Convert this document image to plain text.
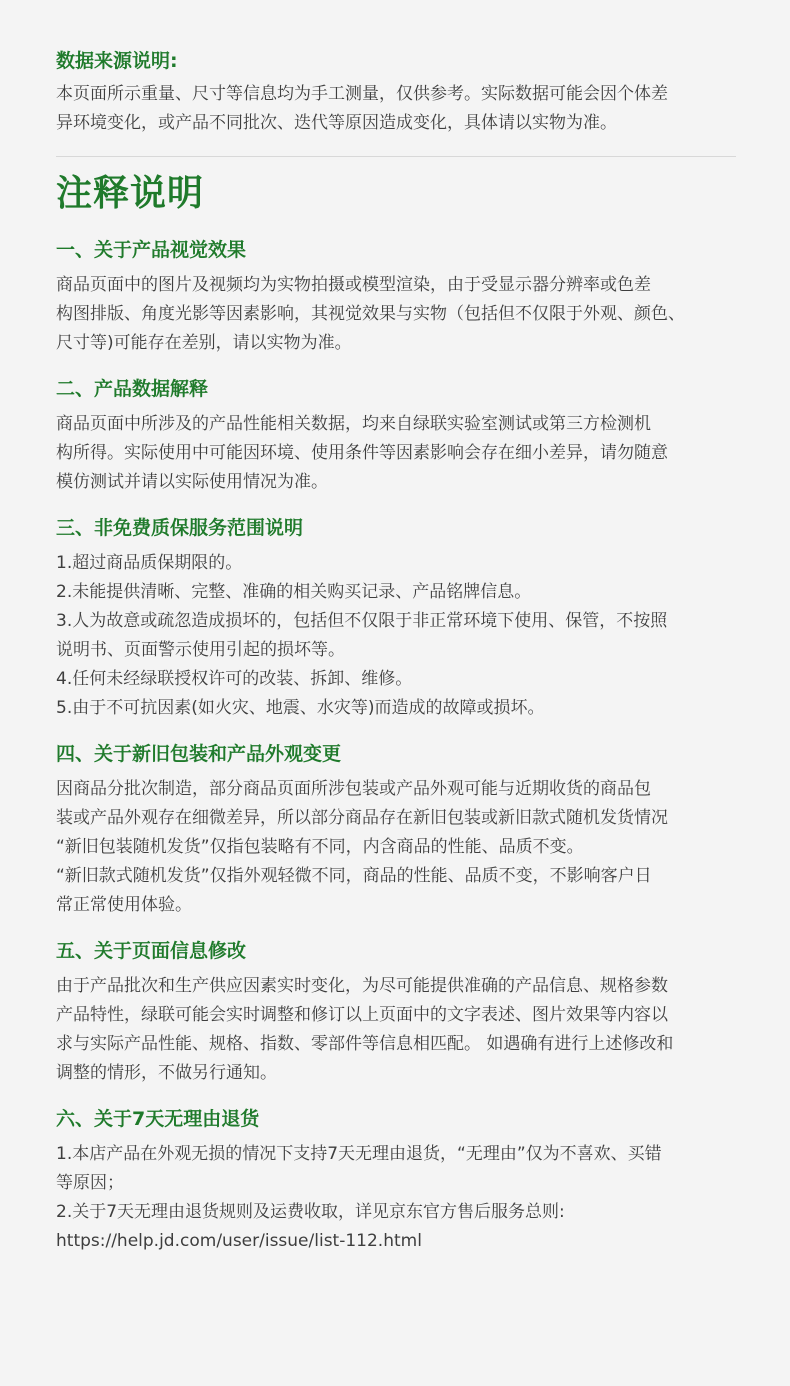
数据来源说明:
本页面所示重量、尺寸等信息均为手工测量，仅供参考。实际数据可能会因个体差
异环境变化，或产品不同批次、迭代等原因造成变化，具体请以实物为准。
注释说明
一、关于产品视觉效果
商品页面中的图片及视频均为实物拍摄或模型渲染，由于受显示器分辨率或色差
构图排版、角度光影等因素影响，其视觉效果与实物（包括但不仅限于外观、颜色、
尺寸等)可能存在差别，请以实物为准。
二、产品数据解释
商品页面中所涉及的产品性能相关数据，均来自绿联实验室测试或第三方检测机
构所得。实际使用中可能因环境、使用条件等因素影响会存在细小差异，请勿随意
模仿测试并请以实际使用情况为准。
三、非免费质保服务范围说明
1.超过商品质保期限的。
2.未能提供清晰、完整、准确的相关购买记录、产品铭牌信息。
3.人为故意或疏忽造成损坏的，包括但不仅限于非正常环境下使用、保管，不按照
说明书、页面警示使用引起的损坏等。
4.任何未经绿联授权许可的改装、拆卸、维修。
5.由于不可抗因素(如火灾、地震、水灾等)而造成的故障或损坏。
四、关于新旧包装和产品外观变更
因商品分批次制造，部分商品页面所涉包装或产品外观可能与近期收货的商品包
装或产品外观存在细微差异，所以部分商品存在新旧包装或新旧款式随机发货情况
“新旧包装随机发货”仅指包装略有不同，内含商品的性能、品质不变。
“新旧款式随机发货”仅指外观轻微不同，商品的性能、品质不变，不影响客户日
常正常使用体验。
五、关于页面信息修改
由于产品批次和生产供应因素实时变化，为尽可能提供准确的产品信息、规格参数
产品特性，绿联可能会实时调整和修订以上页面中的文字表述、图片效果等内容以
求与实际产品性能、规格、指数、零部件等信息相匹配。 如遇确有进行上述修改和
调整的情形，不做另行通知。
六、关于7天无理由退货
1.本店产品在外观无损的情况下支持7天无理由退货，“无理由”仅为不喜欢、买错
等原因；
2.关于7天无理由退货规则及运费收取，详见京东官方售后服务总则:
https://help.jd.com/user/issue/list-112.html
